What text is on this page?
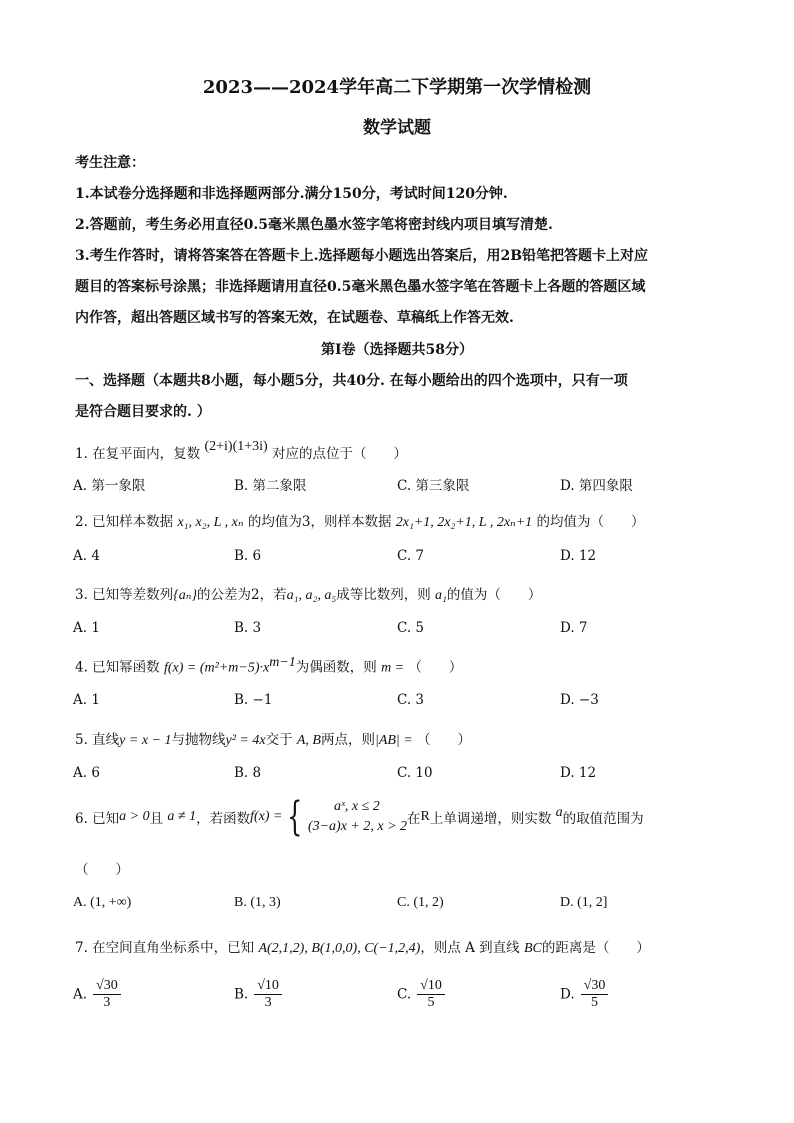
2023——2024学年高二下学期第一次学情检测
数学试题
考生注意：
1.本试卷分选择题和非选择题两部分.满分150分，考试时间120分钟.
2.答题前，考生务必用直径0.5毫米黑色墨水签字笔将密封线内项目填写清楚.
3.考生作答时，请将答案答在答题卡上.选择题每小题选出答案后，用2B铅笔把答题卡上对应
题目的答案标号涂黑；非选择题请用直径0.5毫米黑色墨水签字笔在答题卡上各题的答题区域
内作答，超出答题区域书写的答案无效，在试题卷、草稿纸上作答无效.
第Ⅰ卷（选择题共58分）
一、选择题（本题共8小题，每小题5分，共40分. 在每小题给出的四个选项中，只有一项
是符合题目要求的. ）
1. 在复平面内，复数 (2+i)(1+3i) 对应的点位于（　　）
A. 第一象限	B. 第二象限	C. 第三象限	D. 第四象限
2. 已知样本数据 x₁, x₂, L , xₙ 的均值为3，则样本数据 2x₁+1, 2x₂+1, L , 2xₙ+1 的均值为（　　）
A. 4	B. 6	C. 7	D. 12
3. 已知等差数列{aₙ}的公差为2，若a₁, a₂, a₅成等比数列，则 a₁的值为（　　）
A. 1	B. 3	C. 5	D. 7
4. 已知幂函数 $f(x) = (m^2+m-5)\cdot x^{m-1}$为偶函数，则 m = （　　）
A. 1	B. −1	C. 3	D. −3
5. 直线y = x − 1与抛物线y² = 4x交于 A, B两点，则|AB| = （　　）
A. 6	B. 8	C. 10	D. 12
6. 已知a > 0且 a ≠ 1，若函数f(x) = {	aˣ, x ≤ 2
(3−a)x + 2, x > 2 在R上单调递增，则实数 a的取值范围为
（　　）
A. (1, +∞)	B. (1, 3)	C. (1, 2)	D. (1, 2]
7. 在空间直角坐标系中，已知 A(2,1,2), B(1,0,0), C(−1,2,4)，则点 A 到直线 BC的距离是（　　）
A. $\frac{√30}{3}$	B. $\frac{√10}{3}$	C. $\frac{√10}{5}$	D. $\frac{√30}{5}$
